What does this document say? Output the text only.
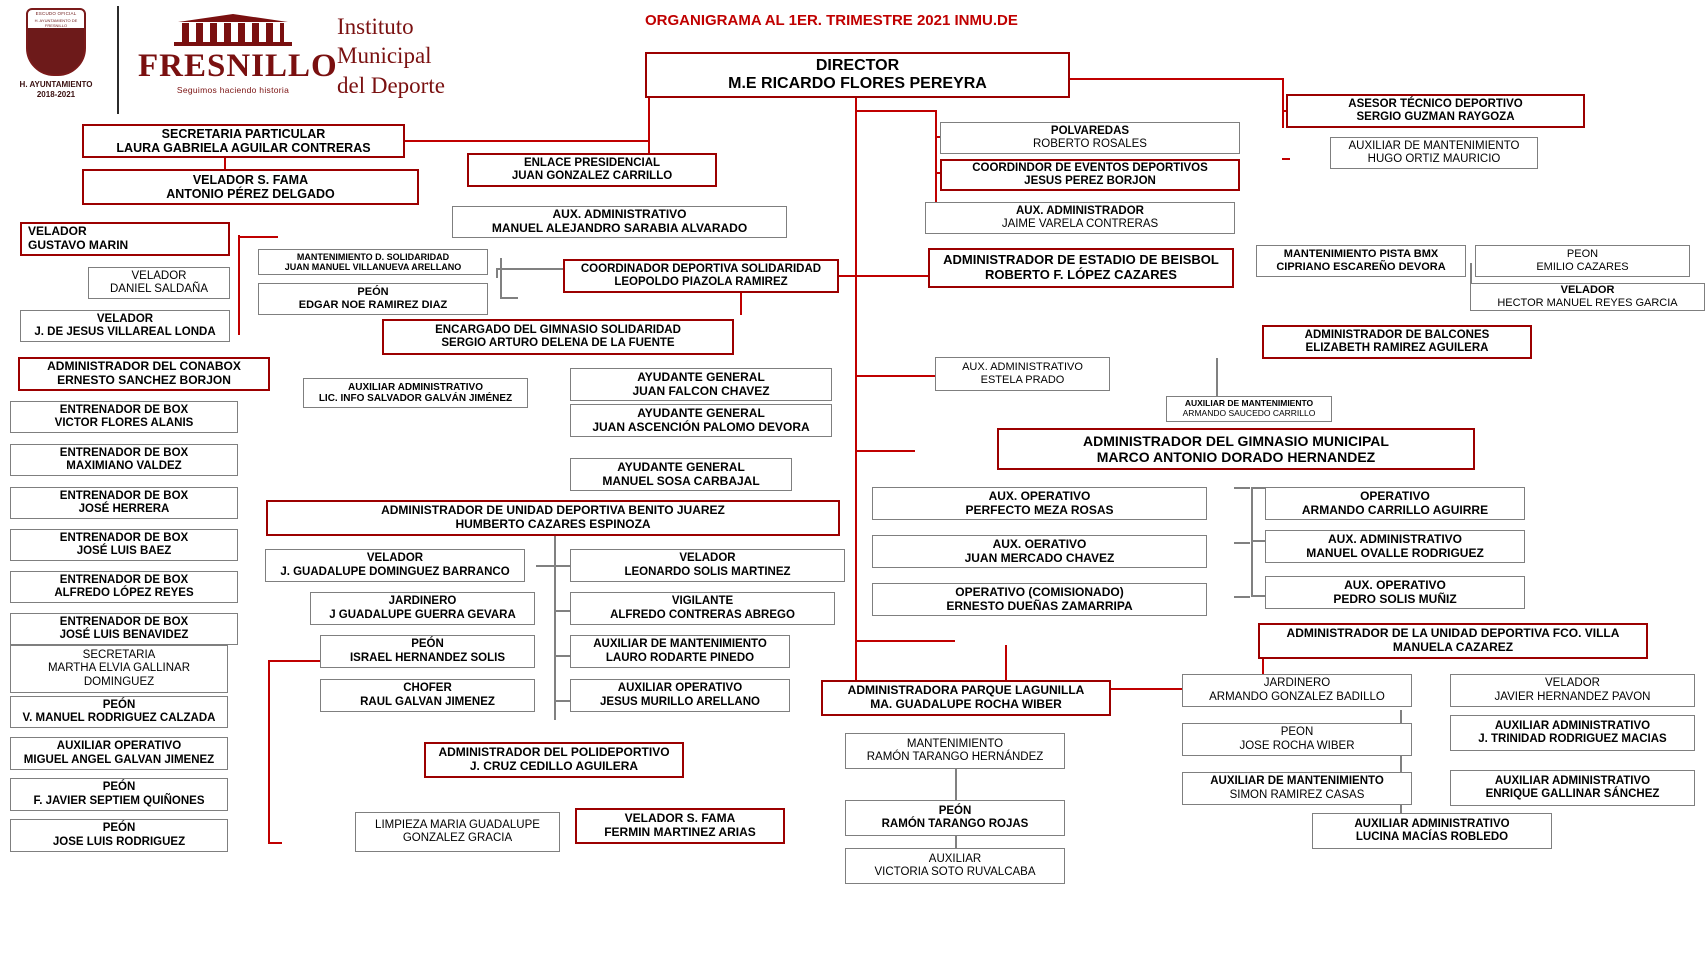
ESCUDO OFICIAL
H. AYUNTAMIENTO DE FRESNILLO
H. AYUNTAMIENTO 2018-2021
FRESNILLO
Seguimos haciendo historia
Instituto
Municipal
del Deporte
ORGANIGRAMA AL 1ER. TRIMESTRE 2021 INMU.DE
DIRECTOR
M.E RICARDO FLORES PEREYRA
ASESOR TÉCNICO DEPORTIVO
SERGIO GUZMAN RAYGOZA
AUXILIAR DE MANTENIMIENTO
HUGO ORTIZ MAURICIO
SECRETARIA PARTICULAR
LAURA GABRIELA AGUILAR CONTRERAS
POLVAREDAS
ROBERTO ROSALES
COORDINDOR DE EVENTOS DEPORTIVOS
JESUS PEREZ BORJON
VELADOR S. FAMA
ANTONIO PÉREZ DELGADO
ENLACE PRESIDENCIAL
JUAN GONZALEZ CARRILLO
AUX. ADMINISTRADOR
JAIME VARELA CONTRERAS
AUX. ADMINISTRATIVO
MANUEL ALEJANDRO SARABIA ALVARADO
VELADOR
GUSTAVO MARIN
MANTENIMIENTO D. SOLIDARIDAD
JUAN MANUEL VILLANUEVA ARELLANO	COORDINADOR DEPORTIVA SOLIDARIDAD
LEOPOLDO PIAZOLA RAMIREZ
ADMINISTRADOR DE ESTADIO DE BEISBOL
ROBERTO F. LÓPEZ CAZARES
MANTENIMIENTO PISTA BMX
CIPRIANO ESCAREÑO DEVORA
PEON
EMILIO CAZARES
VELADOR
DANIEL SALDAÑA	PEÓN
EDGAR NOE RAMIREZ DIAZ
VELADOR
HECTOR MANUEL REYES GARCIA
VELADOR
J. DE JESUS VILLAREAL LONDA	ENCARGADO DEL GIMNASIO SOLIDARIDAD
SERGIO ARTURO DELENA DE LA FUENTE
ADMINISTRADOR DE BALCONES
ELIZABETH RAMIREZ AGUILERA
ADMINISTRADOR DEL CONABOX
ERNESTO SANCHEZ BORJON	AUXILIAR ADMINISTRATIVO
LIC. INFO SALVADOR GALVÁN JIMÉNEZ
AYUDANTE GENERAL
JUAN FALCON CHAVEZ
AUX. ADMINISTRATIVO
ESTELA PRADO
AUXILIAR DE MANTENIMIENTO
ARMANDO SAUCEDO CARRILLO
ENTRENADOR DE BOX
VICTOR FLORES ALANIS
AYUDANTE GENERAL
JUAN ASCENCIÓN PALOMO DEVORA
ENTRENADOR DE BOX
MAXIMIANO VALDEZ
ADMINISTRADOR DEL GIMNASIO MUNICIPAL
MARCO ANTONIO DORADO HERNANDEZ
ENTRENADOR DE BOX
JOSÉ HERRERA
AYUDANTE GENERAL
MANUEL SOSA CARBAJAL
AUX. OPERATIVO
PERFECTO MEZA ROSAS
OPERATIVO
ARMANDO CARRILLO AGUIRRE
ENTRENADOR DE BOX
JOSÉ LUIS BAEZ
ADMINISTRADOR DE UNIDAD DEPORTIVA BENITO JUAREZ
HUMBERTO CAZARES ESPINOZA
AUX. OERATIVO
JUAN MERCADO CHAVEZ
AUX. ADMINISTRATIVO
MANUEL OVALLE RODRIGUEZ
ENTRENADOR DE BOX
ALFREDO LÓPEZ REYES
VELADOR
J. GUADALUPE DOMINGUEZ BARRANCO
VELADOR
LEONARDO SOLIS MARTINEZ
OPERATIVO (COMISIONADO)
ERNESTO DUEÑAS ZAMARRIPA
AUX. OPERATIVO
PEDRO SOLIS MUÑIZ
ENTRENADOR DE BOX
JOSÉ LUIS BENAVIDEZ
JARDINERO
J GUADALUPE GUERRA GEVARA
VIGILANTE
ALFREDO CONTRERAS ABREGO
SECRETARIA
MARTHA ELVIA GALLINAR
DOMINGUEZ
PEÓN
ISRAEL HERNANDEZ SOLIS
AUXILIAR DE MANTENIMIENTO
LAURO RODARTE PINEDO
ADMINISTRADOR DE LA UNIDAD DEPORTIVA FCO. VILLA
MANUELA CAZAREZ
PEÓN
V. MANUEL RODRIGUEZ CALZADA
CHOFER
RAUL GALVAN JIMENEZ
AUXILIAR OPERATIVO
JESUS MURILLO ARELLANO
ADMINISTRADORA PARQUE LAGUNILLA
MA. GUADALUPE ROCHA WIBER
JARDINERO
ARMANDO GONZALEZ BADILLO
VELADOR
JAVIER HERNANDEZ PAVON
AUXILIAR OPERATIVO
MIGUEL ANGEL GALVAN JIMENEZ
PEON
JOSE ROCHA WIBER
AUXILIAR ADMINISTRATIVO
J. TRINIDAD RODRIGUEZ MACIAS
PEÓN
F. JAVIER SEPTIEM QUIÑONES
ADMINISTRADOR DEL POLIDEPORTIVO
J. CRUZ CEDILLO AGUILERA
MANTENIMIENTO
RAMÓN TARANGO HERNÁNDEZ
AUXILIAR DE MANTENIMIENTO
SIMON RAMIREZ CASAS
AUXILIAR ADMINISTRATIVO
ENRIQUE GALLINAR SÁNCHEZ
PEÓN
JOSE LUIS RODRIGUEZ
PEÓN
RAMÓN TARANGO ROJAS	AUXILIAR ADMINISTRATIVO
LUCINA MACÍAS ROBLEDO
LIMPIEZA MARIA GUADALUPE
GONZALEZ GRACIA
VELADOR S. FAMA
FERMIN MARTINEZ ARIAS
AUXILIAR
VICTORIA SOTO RUVALCABA
